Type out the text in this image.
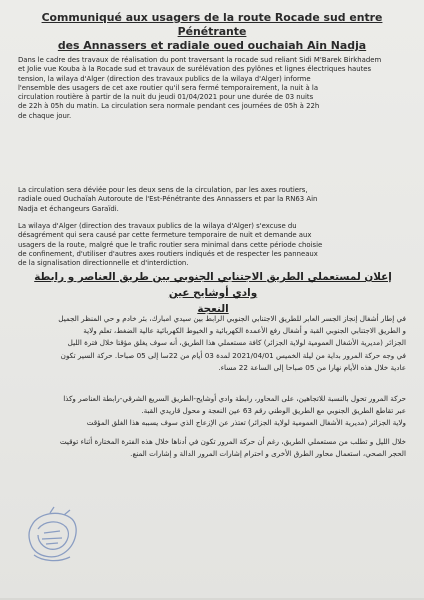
Communiqué aux usagers de la route Rocade sud entre Pénétrante
des Annassers et radiale oued ouchaiah Ain Nadja

Dans le cadre des travaux de réalisation du pont traversant la rocade sud reliant Sidi M'Barek Birkhadem
et Jolie vue Kouba à la Rocade sud et travaux de surélévation des pylônes et lignes électriques hautes
tension, la wilaya d'Alger (direction des travaux publics de la wilaya d'Alger) informe
l'ensemble des usagers de cet axe routier qu'il sera fermé temporairement, la nuit à la
circulation routière à partir de la nuit du jeudi 01/04/2021 pour une durée de 03 nuits
de 22h à 05h du matin. La circulation sera normale pendant ces journées de 05h à 22h
de chaque jour.

La circulation sera déviée pour les deux sens de la circulation, par les axes routiers,
radiale oued Ouchaïah Autoroute de l'Est-Pénétrante des Annassers et par la RN63 Ain
Nadja et échangeurs Garaïdi.

La wilaya d'Alger (direction des travaux publics de la wilaya d'Alger) s'excuse du
désagrément qui sera causé par cette fermeture temporaire de nuit et demande aux
usagers de la route, malgré que le trafic routier sera minimal dans cette période choisie
de confinement, d'utiliser d'autres axes routiers indiqués et de respecter les panneaux
de la signalisation directionnelle et d'interdiction.

إعلان لمستعملي الطريق الاجتنابي الجنوبي بين طريق العناصر و رابطة وادي أوشايح عين
النعجة

في إطار أشغال إنجاز الجسر العابر للطريق الاجتنابي الجنوبي الرابط بين سيدي امبارك، بئر خادم و حي المنظر الجميل
و الطريق الاجتنابي الجنوبي القبة و أشغال رفع الأعمدة الكهربائية و الخيوط الكهربائية عالية الضغط، تعلم ولاية
الجزائر (مديرية الأشغال العمومية لولاية الجزائر) كافة مستعملي هذا الطريق، أنه سوف يغلق مؤقتا خلال فترة الليل
في وجه حركة المرور بداية من ليلة الخميس 2021/04/01 لمدة 03 أيام من 22سا إلى 05 صباحا. حركة السير تكون
عادية خلال هذه الأيام نهارا من 05 صباحا إلى الساعة 22 مساء.

حركة المرور تحول بالنسبة للاتجاهين، على المحاور، رابطة وادي أوشايح-الطريق السريع الشرقي-رابطة العناصر وكذا

عبر تقاطع الطريق الجنوبي مع الطريق الوطني رقم 63 عين النعجة و محول قاريدي القبة.
ولاية الجزائر (مديرية الأشغال العمومية لولاية الجزائر) تعتذر عن الإزعاج الذي سوف يسببه هذا الغلق المؤقت

خلال الليل و تطلب من مستعملي الطريق، رغم أن حركة المرور تكون في أدناها خلال هذه الفترة المختارة أثناء توقيت
الحجر الصحي، استعمال محاور الطرق الأخرى و احترام إشارات المرور الدالة و إشارات المنع.
